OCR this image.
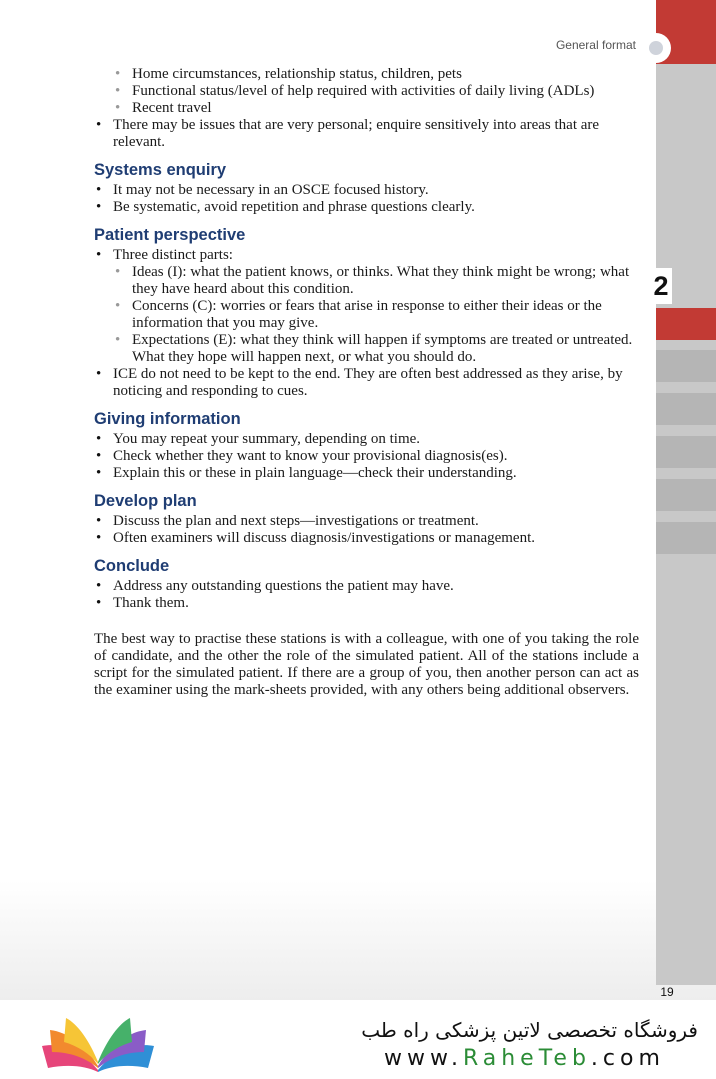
2
General format
• Home circumstances, relationship status, children, pets
• Functional status/level of help required with activities of daily living (ADLs)
• Recent travel
• There may be issues that are very personal; enquire sensitively into areas that are relevant.
Systems enquiry
• It may not be necessary in an OSCE focused history.
• Be systematic, avoid repetition and phrase questions clearly.
Patient perspective
• Three distinct parts:
• Ideas (I): what the patient knows, or thinks. What they think might be wrong; what they have heard about this condition.
• Concerns (C): worries or fears that arise in response to either their ideas or the information that you may give.
• Expectations (E): what they think will happen if symptoms are treated or untreated. What they hope will happen next, or what you should do.
• ICE do not need to be kept to the end. They are often best addressed as they arise, by noticing and responding to cues.
Giving information
• You may repeat your summary, depending on time.
• Check whether they want to know your provisional diagnosis(es).
• Explain this or these in plain language—check their understanding.
Develop plan
• Discuss the plan and next steps—investigations or treatment.
• Often examiners will discuss diagnosis/investigations or management.
Conclude
• Address any outstanding questions the patient may have.
• Thank them.

The best way to practise these stations is with a colleague, with one of you taking the role of candidate, and the other the role of the simulated patient. All of the stations include a script for the simulated patient. If there are a group of you, then another person can act as the examiner using the mark-sheets provided, with any others being additional observers.

19
فروشگاه تخصصی لاتین پزشکی راه طب
www.RaheTeb.com
